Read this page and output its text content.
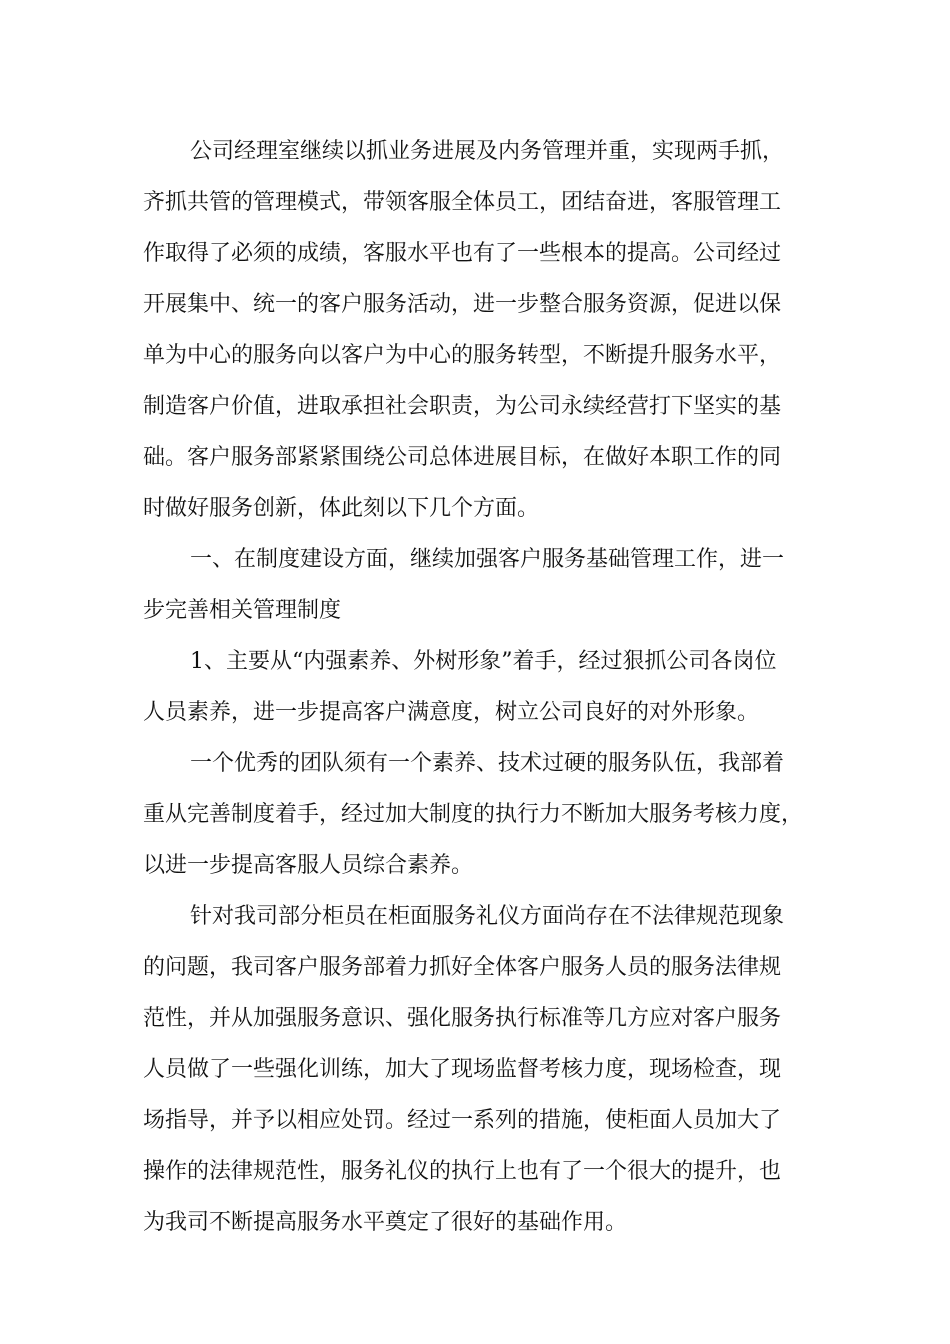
公司经理室继续以抓业务进展及内务管理并重，实现两手抓，
齐抓共管的管理模式，带领客服全体员工，团结奋进，客服管理工
作取得了必须的成绩，客服水平也有了一些根本的提高。公司经过
开展集中、统一的客户服务活动，进一步整合服务资源，促进以保
单为中心的服务向以客户为中心的服务转型，不断提升服务水平，
制造客户价值，进取承担社会职责，为公司永续经营打下坚实的基
础。客户服务部紧紧围绕公司总体进展目标，在做好本职工作的同
时做好服务创新，体此刻以下几个方面。
一、在制度建设方面，继续加强客户服务基础管理工作，进一
步完善相关管理制度
1、主要从“内强素养、外树形象”着手，经过狠抓公司各岗位
人员素养，进一步提高客户满意度，树立公司良好的对外形象。
一个优秀的团队须有一个素养、技术过硬的服务队伍，我部着
重从完善制度着手，经过加大制度的执行力不断加大服务考核力度，
以进一步提高客服人员综合素养。
针对我司部分柜员在柜面服务礼仪方面尚存在不法律规范现象
的问题，我司客户服务部着力抓好全体客户服务人员的服务法律规
范性，并从加强服务意识、强化服务执行标准等几方应对客户服务
人员做了一些强化训练，加大了现场监督考核力度，现场检查，现
场指导，并予以相应处罚。经过一系列的措施，使柜面人员加大了
操作的法律规范性，服务礼仪的执行上也有了一个很大的提升，也
为我司不断提高服务水平奠定了很好的基础作用。
